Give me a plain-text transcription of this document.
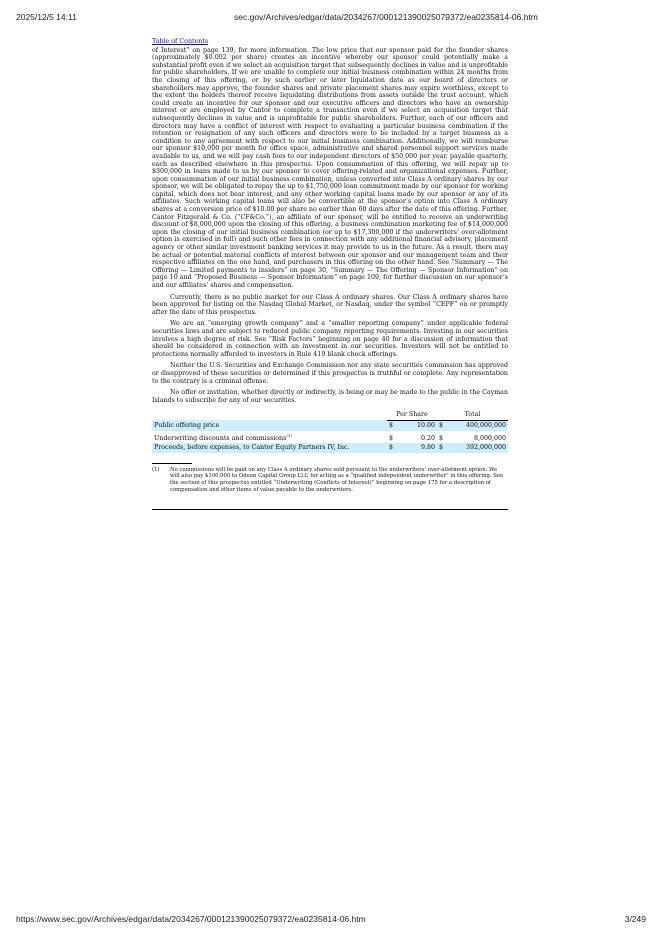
2025/12/5 14:11	sec.gov/Archives/edgar/data/2034267/000121390025079372/ea0235814-06.htm
Table of Contents

of Interest” on page 139, for more information. The low price that our sponsor paid for the founder shares (approximately $0.002 per share) creates an incentive whereby our sponsor could potentially make a substantial profit even if we select an acquisition target that subsequently declines in value and is unprofitable for public shareholders. If we are unable to complete our initial business combination within 24 months from the closing of this offering, or by such earlier or later liquidation date as our board of directors or shareholders may approve, the founder shares and private placement shares may expire worthless, except to the extent the holders thereof receive liquidating distributions from assets outside the trust account, which could create an incentive for our sponsor and our executive officers and directors who have an ownership interest or are employed by Cantor to complete a transaction even if we select an acquisition target that subsequently declines in value and is unprofitable for public shareholders. Further, each of our officers and directors may have a conflict of interest with respect to evaluating a particular business combination if the retention or resignation of any such officers and directors were to be included by a target business as a condition to any agreement with respect to our initial business combination. Additionally, we will reimburse our sponsor $10,000 per month for office space, administrative and shared personnel support services made available to us, and we will pay cash fees to our independent directors of $50,000 per year, payable quarterly, each as described elsewhere in this prospectus. Upon consummation of this offering, we will repay up to $300,000 in loans made to us by our sponsor to cover offering-related and organizational expenses. Further, upon consummation of our initial business combination, unless converted into Class A ordinary shares by our sponsor, we will be obligated to repay the up to $1,750,000 loan commitment made by our sponsor for working capital, which does not bear interest, and any other working capital loans made by our sponsor or any of its affiliates. Such working capital loans will also be convertible at the sponsor’s option into Class A ordinary shares at a conversion price of $10.00 per share no earlier than 60 days after the date of this offering. Further, Cantor Fitzgerald & Co. (“CF&Co.”), an affiliate of our sponsor, will be entitled to receive an underwriting discount of $8,000,000 upon the closing of this offering, a business combination marketing fee of $14,000,000 upon the closing of our initial business combination (or up to $17,300,000 if the underwriters’ over-allotment option is exercised in full) and such other fees in connection with any additional financial advisory, placement agency or other similar investment banking services it may provide to us in the future. As a result, there may be actual or potential material conflicts of interest between our sponsor and our management team and their respective affiliates on the one hand, and purchasers in this offering on the other hand. See “Summary — The Offering — Limited payments to insiders” on page 30, “Summary — The Offering — Sponsor Information” on page 10 and “Proposed Business — Sponsor Information” on page 109, for further discussion on our sponsor’s and our affiliates’ shares and compensation.

Currently, there is no public market for our Class A ordinary shares. Our Class A ordinary shares have been approved for listing on the Nasdaq Global Market, or Nasdaq, under the symbol “CEPF” on or promptly after the date of this prospectus.

We are an “emerging growth company” and a “smaller reporting company” under applicable federal securities laws and are subject to reduced public company reporting requirements. Investing in our securities involves a high degree of risk. See “Risk Factors” beginning on page 40 for a discussion of information that should be considered in connection with an investment in our securities. Investors will not be entitled to protections normally afforded to investors in Rule 419 blank check offerings.

Neither the U.S. Securities and Exchange Commission nor any state securities commission has approved or disapproved of these securities or determined if this prospectus is truthful or complete. Any representation to the contrary is a criminal offense.

No offer or invitation, whether directly or indirectly, is being or may be made to the public in the Cayman Islands to subscribe for any of our securities.

	Per Share		Total	
Public offering price	$	10.00	$	400,000,000
Underwriting discounts and commissions$^{(1)}$	$	0.20	$	8,000,000
Proceeds, before expenses, to Cantor Equity Partners IV, Inc.	$	9.80	$	392,000,000
(1)	No commissions will be paid on any Class A ordinary shares sold pursuant to the underwriters’ over-allotment option. We will also pay $100,000 to Odeon Capital Group LLC for acting as a “qualified independent underwriter” in this offering. See the section of this prospectus entitled “Underwriting (Conflicts of Interest)” beginning on page 175 for a description of compensation and other items of value payable to the underwriters.
https://www.sec.gov/Archives/edgar/data/2034267/000121390025079372/ea0235814-06.htm	3/249
